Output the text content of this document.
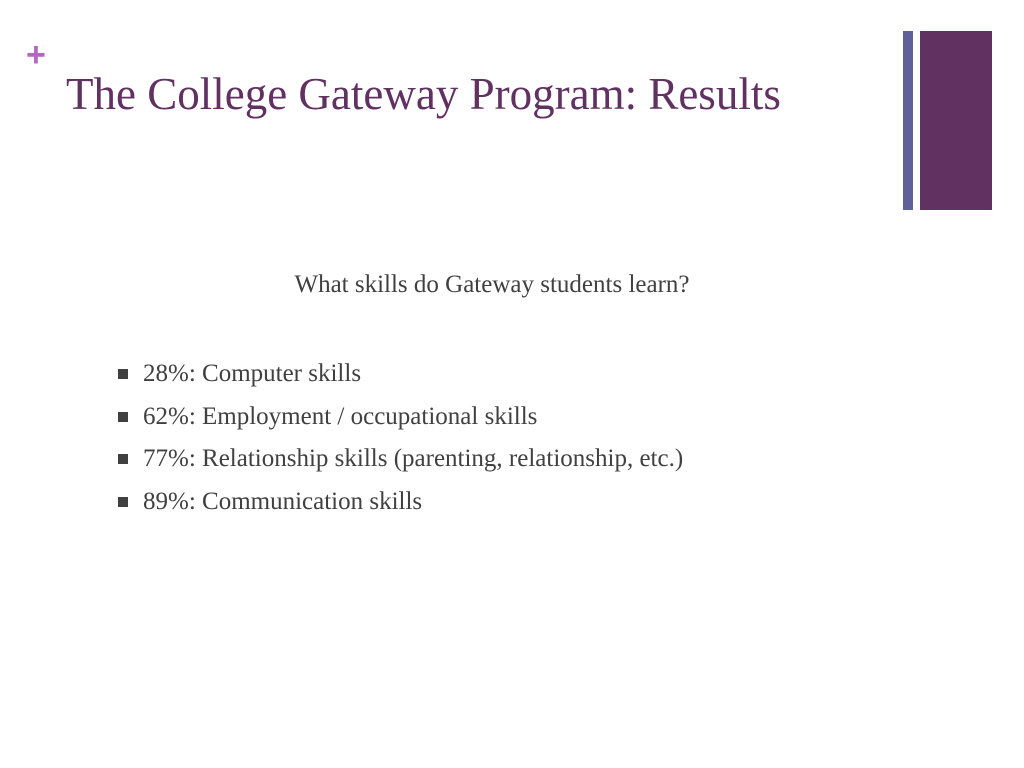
+
The College Gateway Program: Results
What skills do Gateway students learn?
28%: Computer skills
62%: Employment / occupational skills
77%: Relationship skills (parenting, relationship, etc.)
89%: Communication skills
